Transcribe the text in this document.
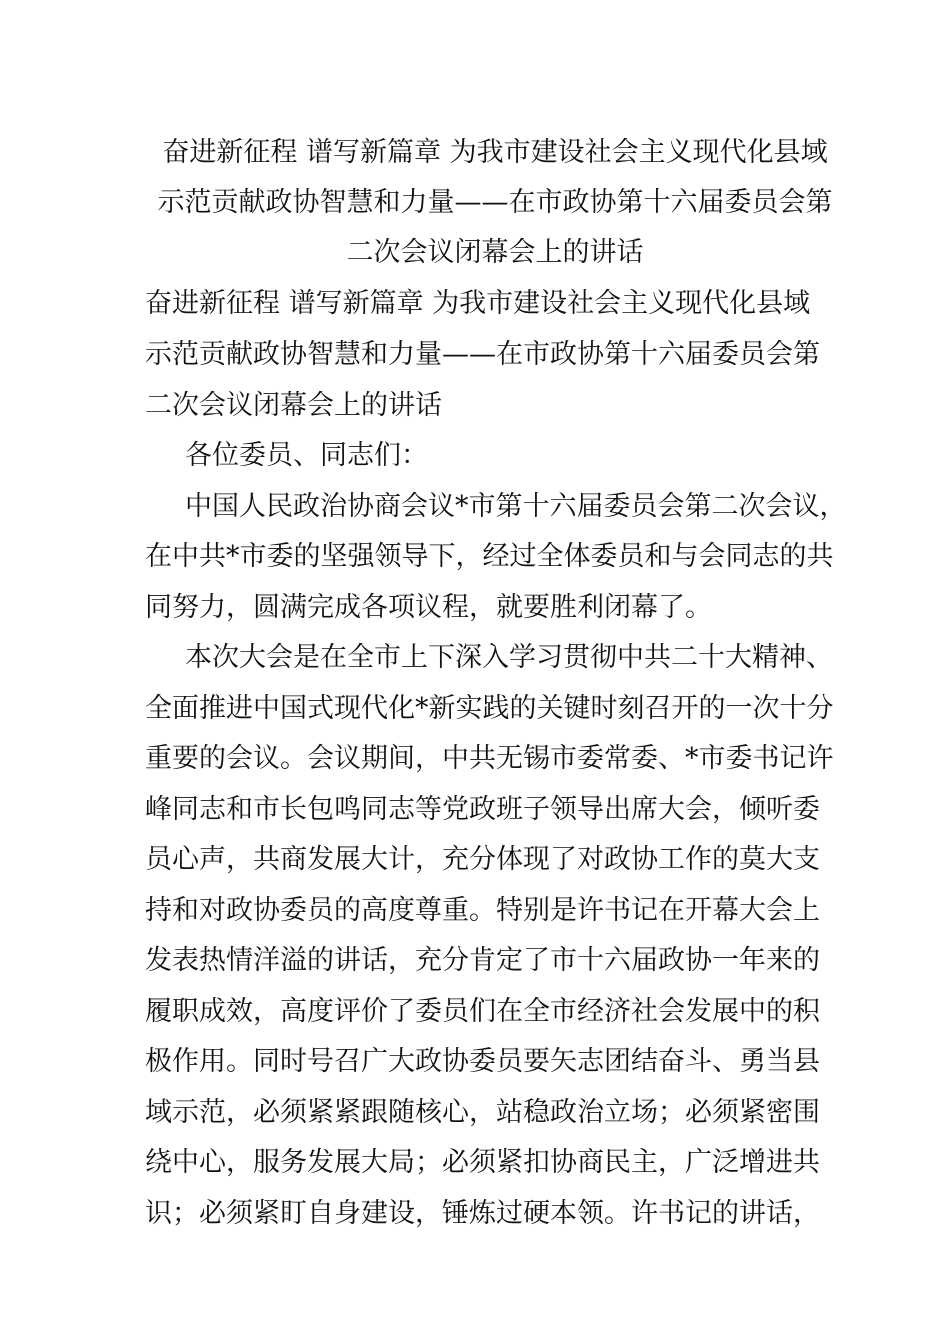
奋进新征程 谱写新篇章 为我市建设社会主义现代化县域
示范贡献政协智慧和力量——在市政协第十六届委员会第
二次会议闭幕会上的讲话
奋进新征程 谱写新篇章 为我市建设社会主义现代化县域
示范贡献政协智慧和力量——在市政协第十六届委员会第
二次会议闭幕会上的讲话
各位委员、同志们：
中国人民政治协商会议*市第十六届委员会第二次会议，
在中共*市委的坚强领导下，经过全体委员和与会同志的共
同努力，圆满完成各项议程，就要胜利闭幕了。
本次大会是在全市上下深入学习贯彻中共二十大精神、
全面推进中国式现代化*新实践的关键时刻召开的一次十分
重要的会议。会议期间，中共无锡市委常委、*市委书记许
峰同志和市长包鸣同志等党政班子领导出席大会，倾听委
员心声，共商发展大计，充分体现了对政协工作的莫大支
持和对政协委员的高度尊重。特别是许书记在开幕大会上
发表热情洋溢的讲话，充分肯定了市十六届政协一年来的
履职成效，高度评价了委员们在全市经济社会发展中的积
极作用。同时号召广大政协委员要矢志团结奋斗、勇当县
域示范，必须紧紧跟随核心，站稳政治立场；必须紧密围
绕中心，服务发展大局；必须紧扣协商民主，广泛增进共
识；必须紧盯自身建设，锤炼过硬本领。许书记的讲话，
